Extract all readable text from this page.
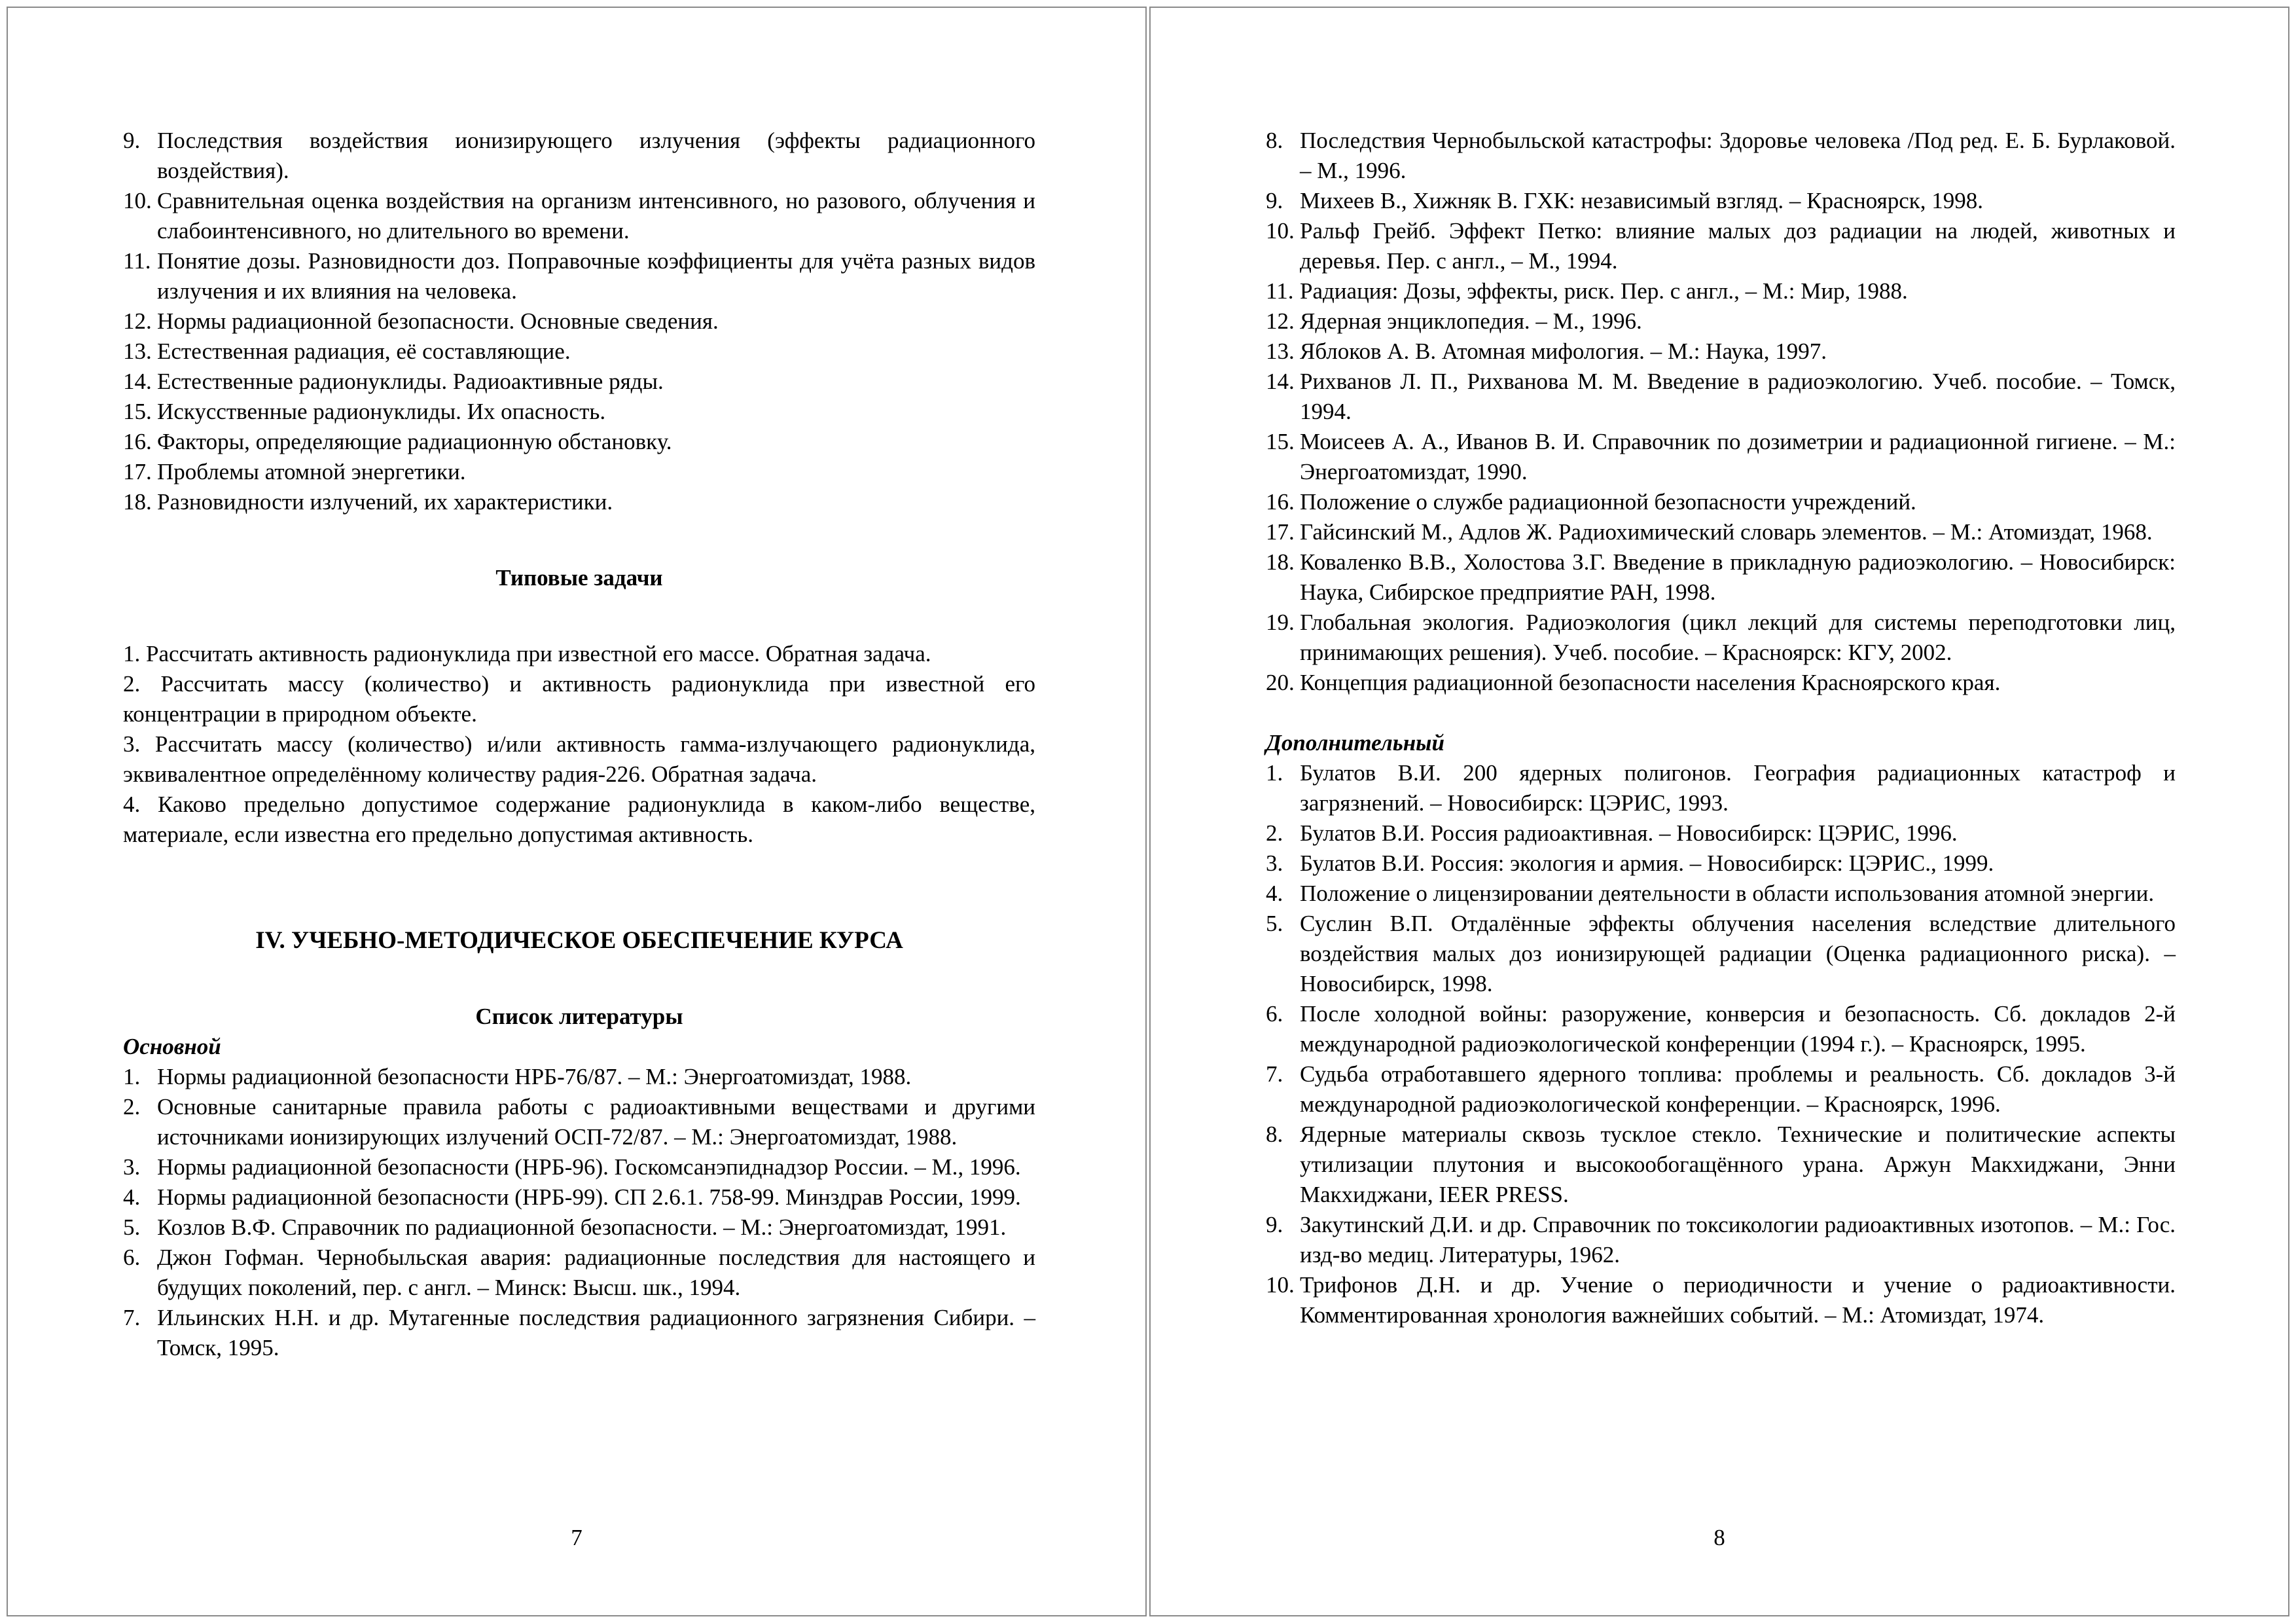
9. Последствия воздействия ионизирующего излучения (эффекты радиационного воздействия).
10. Сравнительная оценка воздействия на организм интенсивного, но разового, облучения и слабоинтенсивного, но длительного во времени.
11. Понятие дозы. Разновидности доз. Поправочные коэффициенты для учёта разных видов излучения и их влияния на человека.
12. Нормы радиационной безопасности. Основные сведения.
13. Естественная радиация, её составляющие.
14. Естественные радионуклиды. Радиоактивные ряды.
15. Искусственные радионуклиды. Их опасность.
16. Факторы, определяющие радиационную обстановку.
17. Проблемы атомной энергетики.
18. Разновидности излучений, их характеристики.
Типовые задачи
1. Рассчитать активность радионуклида при известной его массе. Обратная задача.
2. Рассчитать массу (количество) и активность радионуклида при известной его концентрации в природном объекте.
3. Рассчитать массу (количество) и/или активность гамма-излучающего радионуклида, эквивалентное определённому количеству радия-226. Обратная задача.
4. Каково предельно допустимое содержание радионуклида в каком-либо веществе, материале, если известна его предельно допустимая активность.
IV. УЧЕБНО-МЕТОДИЧЕСКОЕ ОБЕСПЕЧЕНИЕ КУРСА
Список литературы
Основной
1. Нормы радиационной безопасности НРБ-76/87. – М.: Энергоатомиздат, 1988.
2. Основные санитарные правила работы с радиоактивными веществами и другими источниками ионизирующих излучений ОСП-72/87. – М.: Энергоатомиздат, 1988.
3. Нормы радиационной безопасности (НРБ-96). Госкомсанэпиднадзор России. – М., 1996.
4. Нормы радиационной безопасности (НРБ-99). СП 2.6.1. 758-99. Минздрав России, 1999.
5. Козлов В.Ф. Справочник по радиационной безопасности. – М.: Энергоатомиздат, 1991.
6. Джон Гофман. Чернобыльская авария: радиационные последствия для настоящего и будущих поколений, пер. с англ. – Минск: Высш. шк., 1994.
7. Ильинских Н.Н. и др. Мутагенные последствия радиационного загрязнения Сибири. – Томск, 1995.
7
8. Последствия Чернобыльской катастрофы: Здоровье человека /Под ред. Е. Б. Бурлаковой. – М., 1996.
9. Михеев В., Хижняк В. ГХК: независимый взгляд. – Красноярск, 1998.
10. Ральф Грейб. Эффект Петко: влияние малых доз радиации на людей, животных и деревья. Пер. с англ., – М., 1994.
11. Радиация: Дозы, эффекты, риск. Пер. с англ., – М.: Мир, 1988.
12. Ядерная энциклопедия. – М., 1996.
13. Яблоков А. В. Атомная мифология. – М.: Наука, 1997.
14. Рихванов Л. П., Рихванова М. М. Введение в радиоэкологию. Учеб. пособие. – Томск, 1994.
15. Моисеев А. А., Иванов В. И. Справочник по дозиметрии и радиационной гигиене. – М.: Энергоатомиздат, 1990.
16. Положение о службе радиационной безопасности учреждений.
17. Гайсинский М., Адлов Ж. Радиохимический словарь элементов. – М.: Атомиздат, 1968.
18. Коваленко В.В., Холостова З.Г. Введение в прикладную радиоэкологию. – Новосибирск: Наука, Сибирское предприятие РАН, 1998.
19. Глобальная экология. Радиоэкология (цикл лекций для системы переподготовки лиц, принимающих решения). Учеб. пособие. – Красноярск: КГУ, 2002.
20. Концепция радиационной безопасности населения Красноярского края.
Дополнительный
1. Булатов В.И. 200 ядерных полигонов. География радиационных катастроф и загрязнений. – Новосибирск: ЦЭРИС, 1993.
2. Булатов В.И. Россия радиоактивная. – Новосибирск: ЦЭРИС, 1996.
3. Булатов В.И. Россия: экология и армия. – Новосибирск: ЦЭРИС., 1999.
4. Положение о лицензировании деятельности в области использования атомной энергии.
5. Суслин В.П. Отдалённые эффекты облучения населения вследствие длительного воздействия малых доз ионизирующей радиации (Оценка радиационного риска). – Новосибирск, 1998.
6. После холодной войны: разоружение, конверсия и безопасность. Сб. докладов 2-й международной радиоэкологической конференции (1994 г.). – Красноярск, 1995.
7. Судьба отработавшего ядерного топлива: проблемы и реальность. Сб. докладов 3-й международной радиоэкологической конференции. – Красноярск, 1996.
8. Ядерные материалы сквозь тусклое стекло. Технические и политические аспекты утилизации плутония и высокообогащённого урана. Аржун Макхиджани, Энни Макхиджани, IEER PRESS.
9. Закутинский Д.И. и др. Справочник по токсикологии радиоактивных изотопов. – М.: Гос. изд-во медиц. Литературы, 1962.
10. Трифонов Д.Н. и др. Учение о периодичности и учение о радиоактивности. Комментированная хронология важнейших событий. – М.: Атомиздат, 1974.
8
